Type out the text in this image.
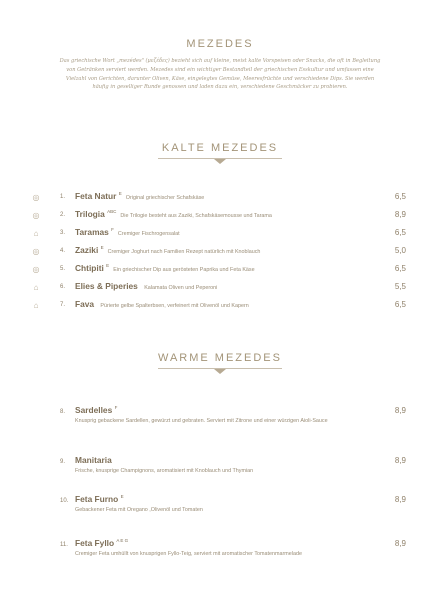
MEZEDES
Das griechische Wort „mezédes" (μεζέδες) bezieht sich auf kleine, meist kalte Vorspeisen oder Snacks, die oft in Begleitung von Getränken serviert werden. Mezedes sind ein wichtiger Bestandteil der griechischen Esskultur und umfassen eine Vielzahl von Gerichten, darunter Oliven, Käse, eingelegtes Gemüse, Meeresfrüchte und verschiedene Dips. Sie werden häufig in geselliger Runde genossen und laden dazu ein, verschiedene Geschmäcker zu probieren.
KALTE MEZEDES
◎	1. Feta Natur $^E$Original griechischer Schafskäse	6,5
◎	2. Trilogia $^{ABC}$Die Trilogie besteht aus Zaziki, Schafskäsemousse und Tarama	8,9
⌂	3. Taramas $^F$Cremiger Fischrogensalat	6,5
◎	4. Zaziki $^E$Cremiger Joghurt nach Familien Rezept natürlich mit Knoblauch	5,0
◎	5. Chtipiti $^E$Ein griechischer Dip aus gerösteten Paprika und Feta Käse	6,5
⌂	6. Elies & Piperies Kalamata Oliven und Peperoni	5,5
⌂	7. Fava Pürierte gelbe Spalterbsen, verfeinert mit Olivenöl und Kapern	6,5
WARME MEZEDES
8. Sardelles $^F$
Knusprig gebackene Sardellen, gewürzt und gebraten. Serviert mit Zitrone und einer würzigen Aioli-Sauce
8,9
9. Manitaria
Frische, knusprige Champignons, aromatisiert mit Knoblauch und Thymian
8,9
10. Feta Furno $^E$
Gebackener Feta mit Oregano ,Olivenöl und Tomaten
8,9
11. Feta Fyllo $^{A E G}$
Cremiger Feta umhüllt von knusprigen Fyllo-Teig, serviert mit aromatischer Tomatenmarmelade
8,9
